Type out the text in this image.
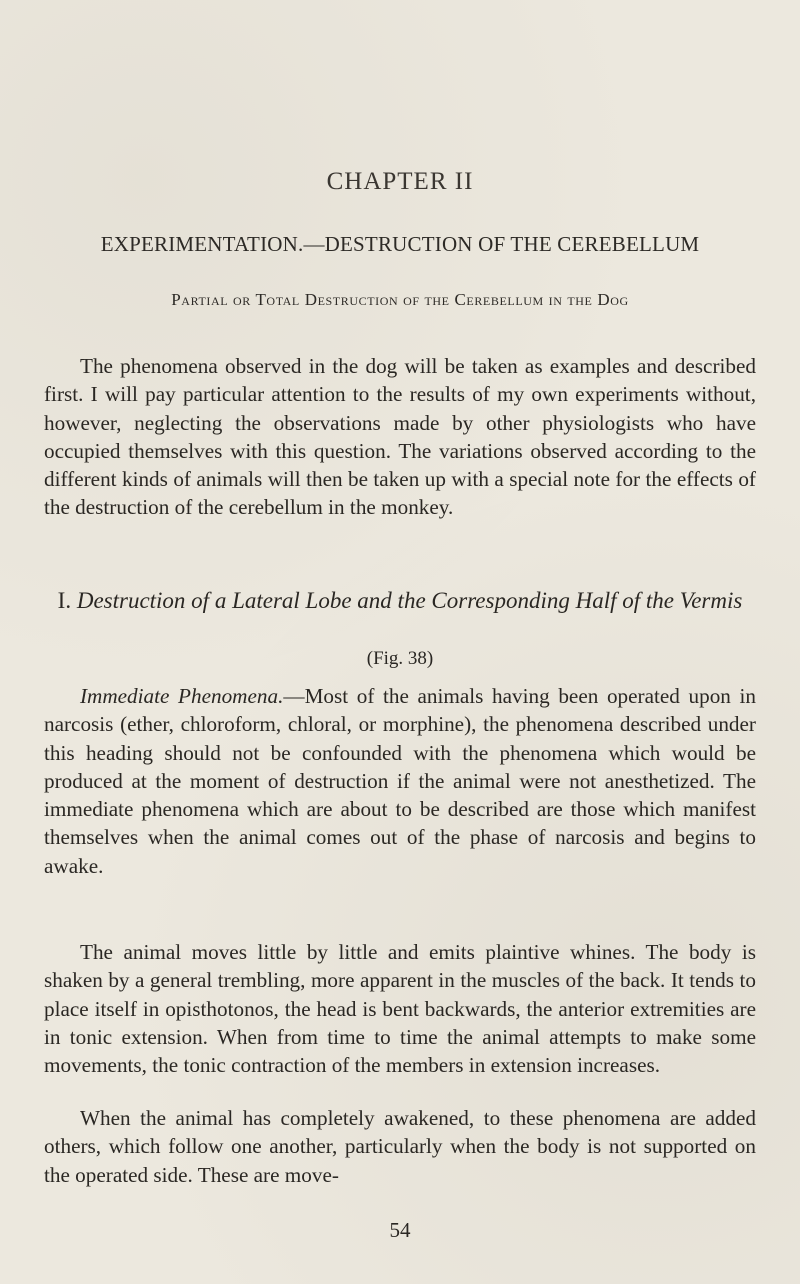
CHAPTER II
EXPERIMENTATION.—DESTRUCTION OF THE CEREBELLUM
Partial or Total Destruction of the Cerebellum in the Dog

The phenomena observed in the dog will be taken as examples and described first. I will pay particular attention to the results of my own experiments without, however, neglecting the observations made by other physiologists who have occupied themselves with this question. The variations observed according to the different kinds of animals will then be taken up with a special note for the effects of the destruction of the cerebellum in the monkey.

I. Destruction of a Lateral Lobe and the Corresponding Half of the Vermis

(Fig. 38)

Immediate Phenomena.—Most of the animals having been operated upon in narcosis (ether, chloroform, chloral, or morphine), the phenomena described under this heading should not be confounded with the phenomena which would be produced at the moment of destruction if the animal were not anesthetized. The immediate phenomena which are about to be described are those which manifest themselves when the animal comes out of the phase of narcosis and begins to awake.

The animal moves little by little and emits plaintive whines. The body is shaken by a general trembling, more apparent in the muscles of the back. It tends to place itself in opisthotonos, the head is bent backwards, the anterior extremities are in tonic extension. When from time to time the animal attempts to make some movements, the tonic contraction of the members in extension increases.

When the animal has completely awakened, to these phenomena are added others, which follow one another, particularly when the body is not supported on the operated side. These are move-

54
